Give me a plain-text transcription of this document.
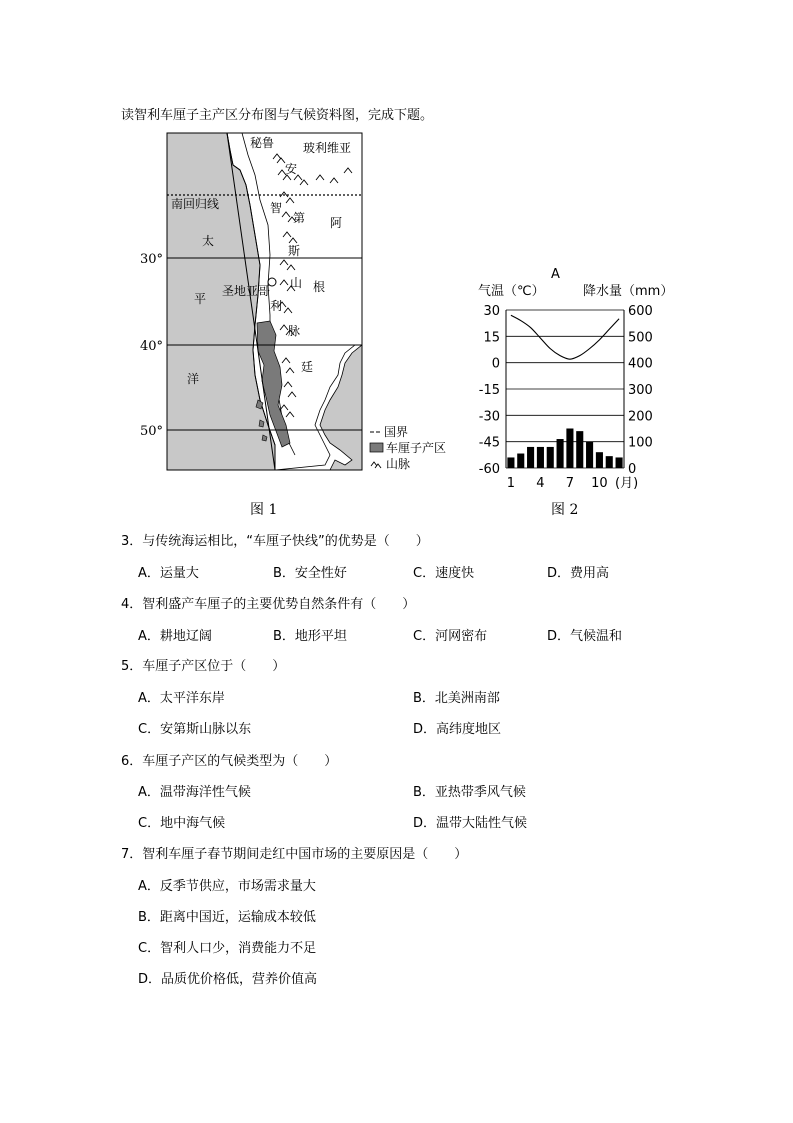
读智利车厘子主产区分布图与气候资料图，完成下题。
秘鲁 玻利维亚
南回归线
安
智
第 阿
太
斯
山 根
圣地亚哥
利
平
脉
廷
洋
30°
40°
50°	国界
车厘子产区
山脉
图 1	图 2
A
气温（℃）	降水量（mm）
30
15
0
-15
-30
-45
-60
600
500
400
300
200
100
0
1 4 7 10 (月)
3．与传统海运相比，“车厘子快线”的优势是（　　）
A．运量大	B．安全性好	C．速度快	D．费用高
4．智利盛产车厘子的主要优势自然条件有（　　）
A．耕地辽阔	B．地形平坦	C．河网密布	D．气候温和
5．车厘子产区位于（　　）
A．太平洋东岸	B．北美洲南部
C．安第斯山脉以东	D．高纬度地区
6．车厘子产区的气候类型为（　　）
A．温带海洋性气候	B．亚热带季风气候
C．地中海气候	D．温带大陆性气候
7．智利车厘子春节期间走红中国市场的主要原因是（　　）
A．反季节供应，市场需求量大
B．距离中国近，运输成本较低
C．智利人口少，消费能力不足
D．品质优价格低，营养价值高
